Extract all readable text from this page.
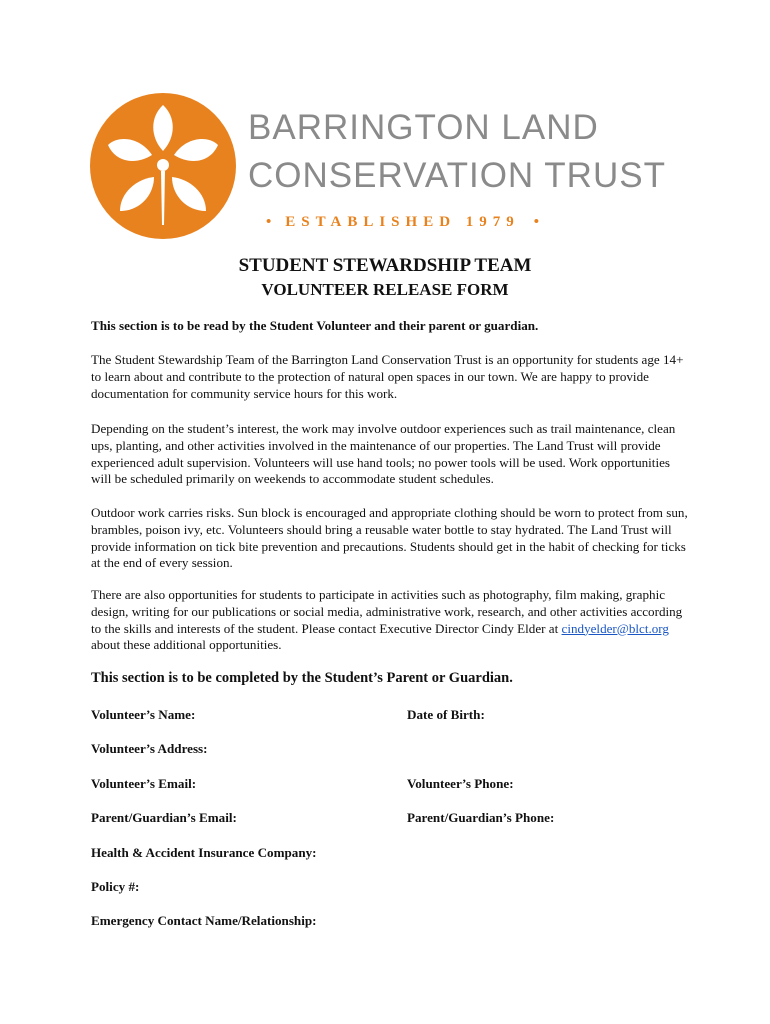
BARRINGTON LAND
CONSERVATION TRUST
• ESTABLISHED 1979 •
STUDENT STEWARDSHIP TEAM
VOLUNTEER RELEASE FORM

This section is to be read by the Student Volunteer and their parent or guardian.

The Student Stewardship Team of the Barrington Land Conservation Trust is an opportunity for students age 14+ to learn about and contribute to the protection of natural open spaces in our town. We are happy to provide documentation for community service hours for this work.

Depending on the student’s interest, the work may involve outdoor experiences such as trail maintenance, clean ups, planting, and other activities involved in the maintenance of our properties. The Land Trust will provide experienced adult supervision. Volunteers will use hand tools; no power tools will be used. Work opportunities will be scheduled primarily on weekends to accommodate student schedules.

Outdoor work carries risks. Sun block is encouraged and appropriate clothing should be worn to protect from sun, brambles, poison ivy, etc. Volunteers should bring a reusable water bottle to stay hydrated. The Land Trust will provide information on tick bite prevention and precautions. Students should get in the habit of checking for ticks at the end of every session.

There are also opportunities for students to participate in activities such as photography, film making, graphic design, writing for our publications or social media, administrative work, research, and other activities according to the skills and interests of the student. Please contact Executive Director Cindy Elder at cindyelder@blct.org about these additional opportunities.

This section is to be completed by the Student’s Parent or Guardian.
Volunteer’s Name:	Date of Birth:
Volunteer’s Address:
Volunteer’s Email:	Volunteer’s Phone:
Parent/Guardian’s Email:	Parent/Guardian’s Phone:
Health & Accident Insurance Company:
Policy #:
Emergency Contact Name/Relationship:
